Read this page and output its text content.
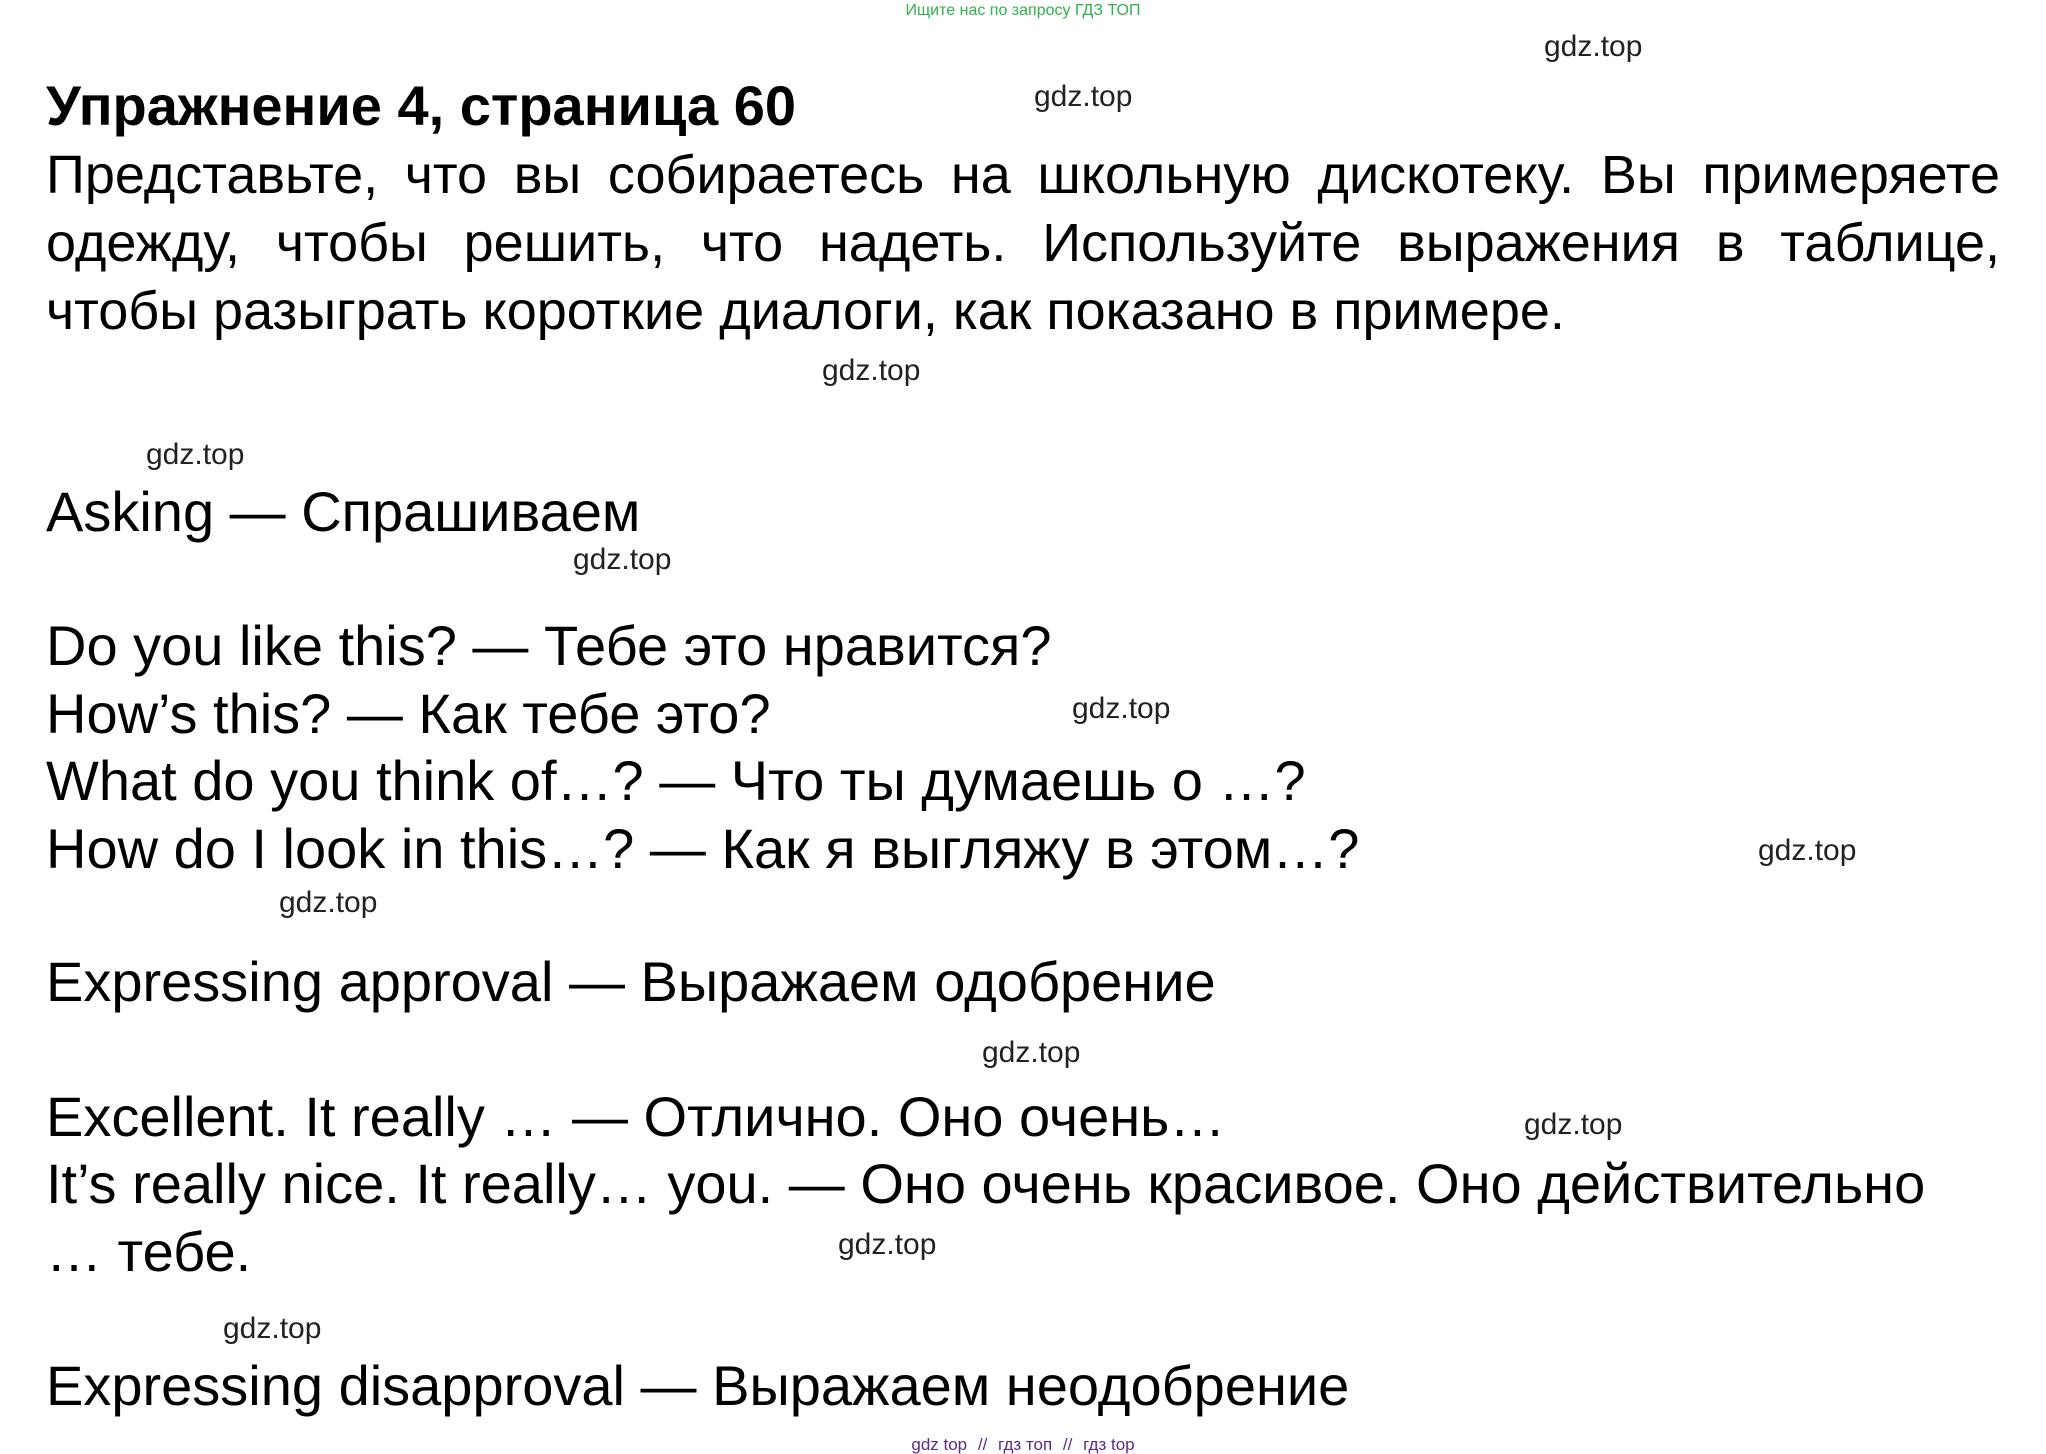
Ищите нас по запросу ГДЗ ТОП
gdz.top
gdz.top
gdz.top
gdz.top
gdz.top
gdz.top
gdz.top
gdz.top
gdz.top
gdz.top
gdz.top
gdz.top
Упражнение 4, страница 60

Представьте, что вы собираетесь на школьную дискотеку. Вы примеряете одежду, чтобы решить, что надеть. Используйте выражения в таблице, чтобы разыграть короткие диалоги, как показано в примере.

Asking — Спрашиваем
Do you like this? — Тебе это нравится?
How’s this? — Как тебе это?
What do you think of…? — Что ты думаешь о …?
How do I look in this…? — Как я выгляжу в этом…?
Expressing approval — Выражаем одобрение
Excellent. It really … — Отлично. Оно очень…
It’s really nice. It really… you. — Оно очень красивое. Оно действительно
… тебе.
Expressing disapproval — Выражаем неодобрение
gdz top // гдз топ // гдз top
